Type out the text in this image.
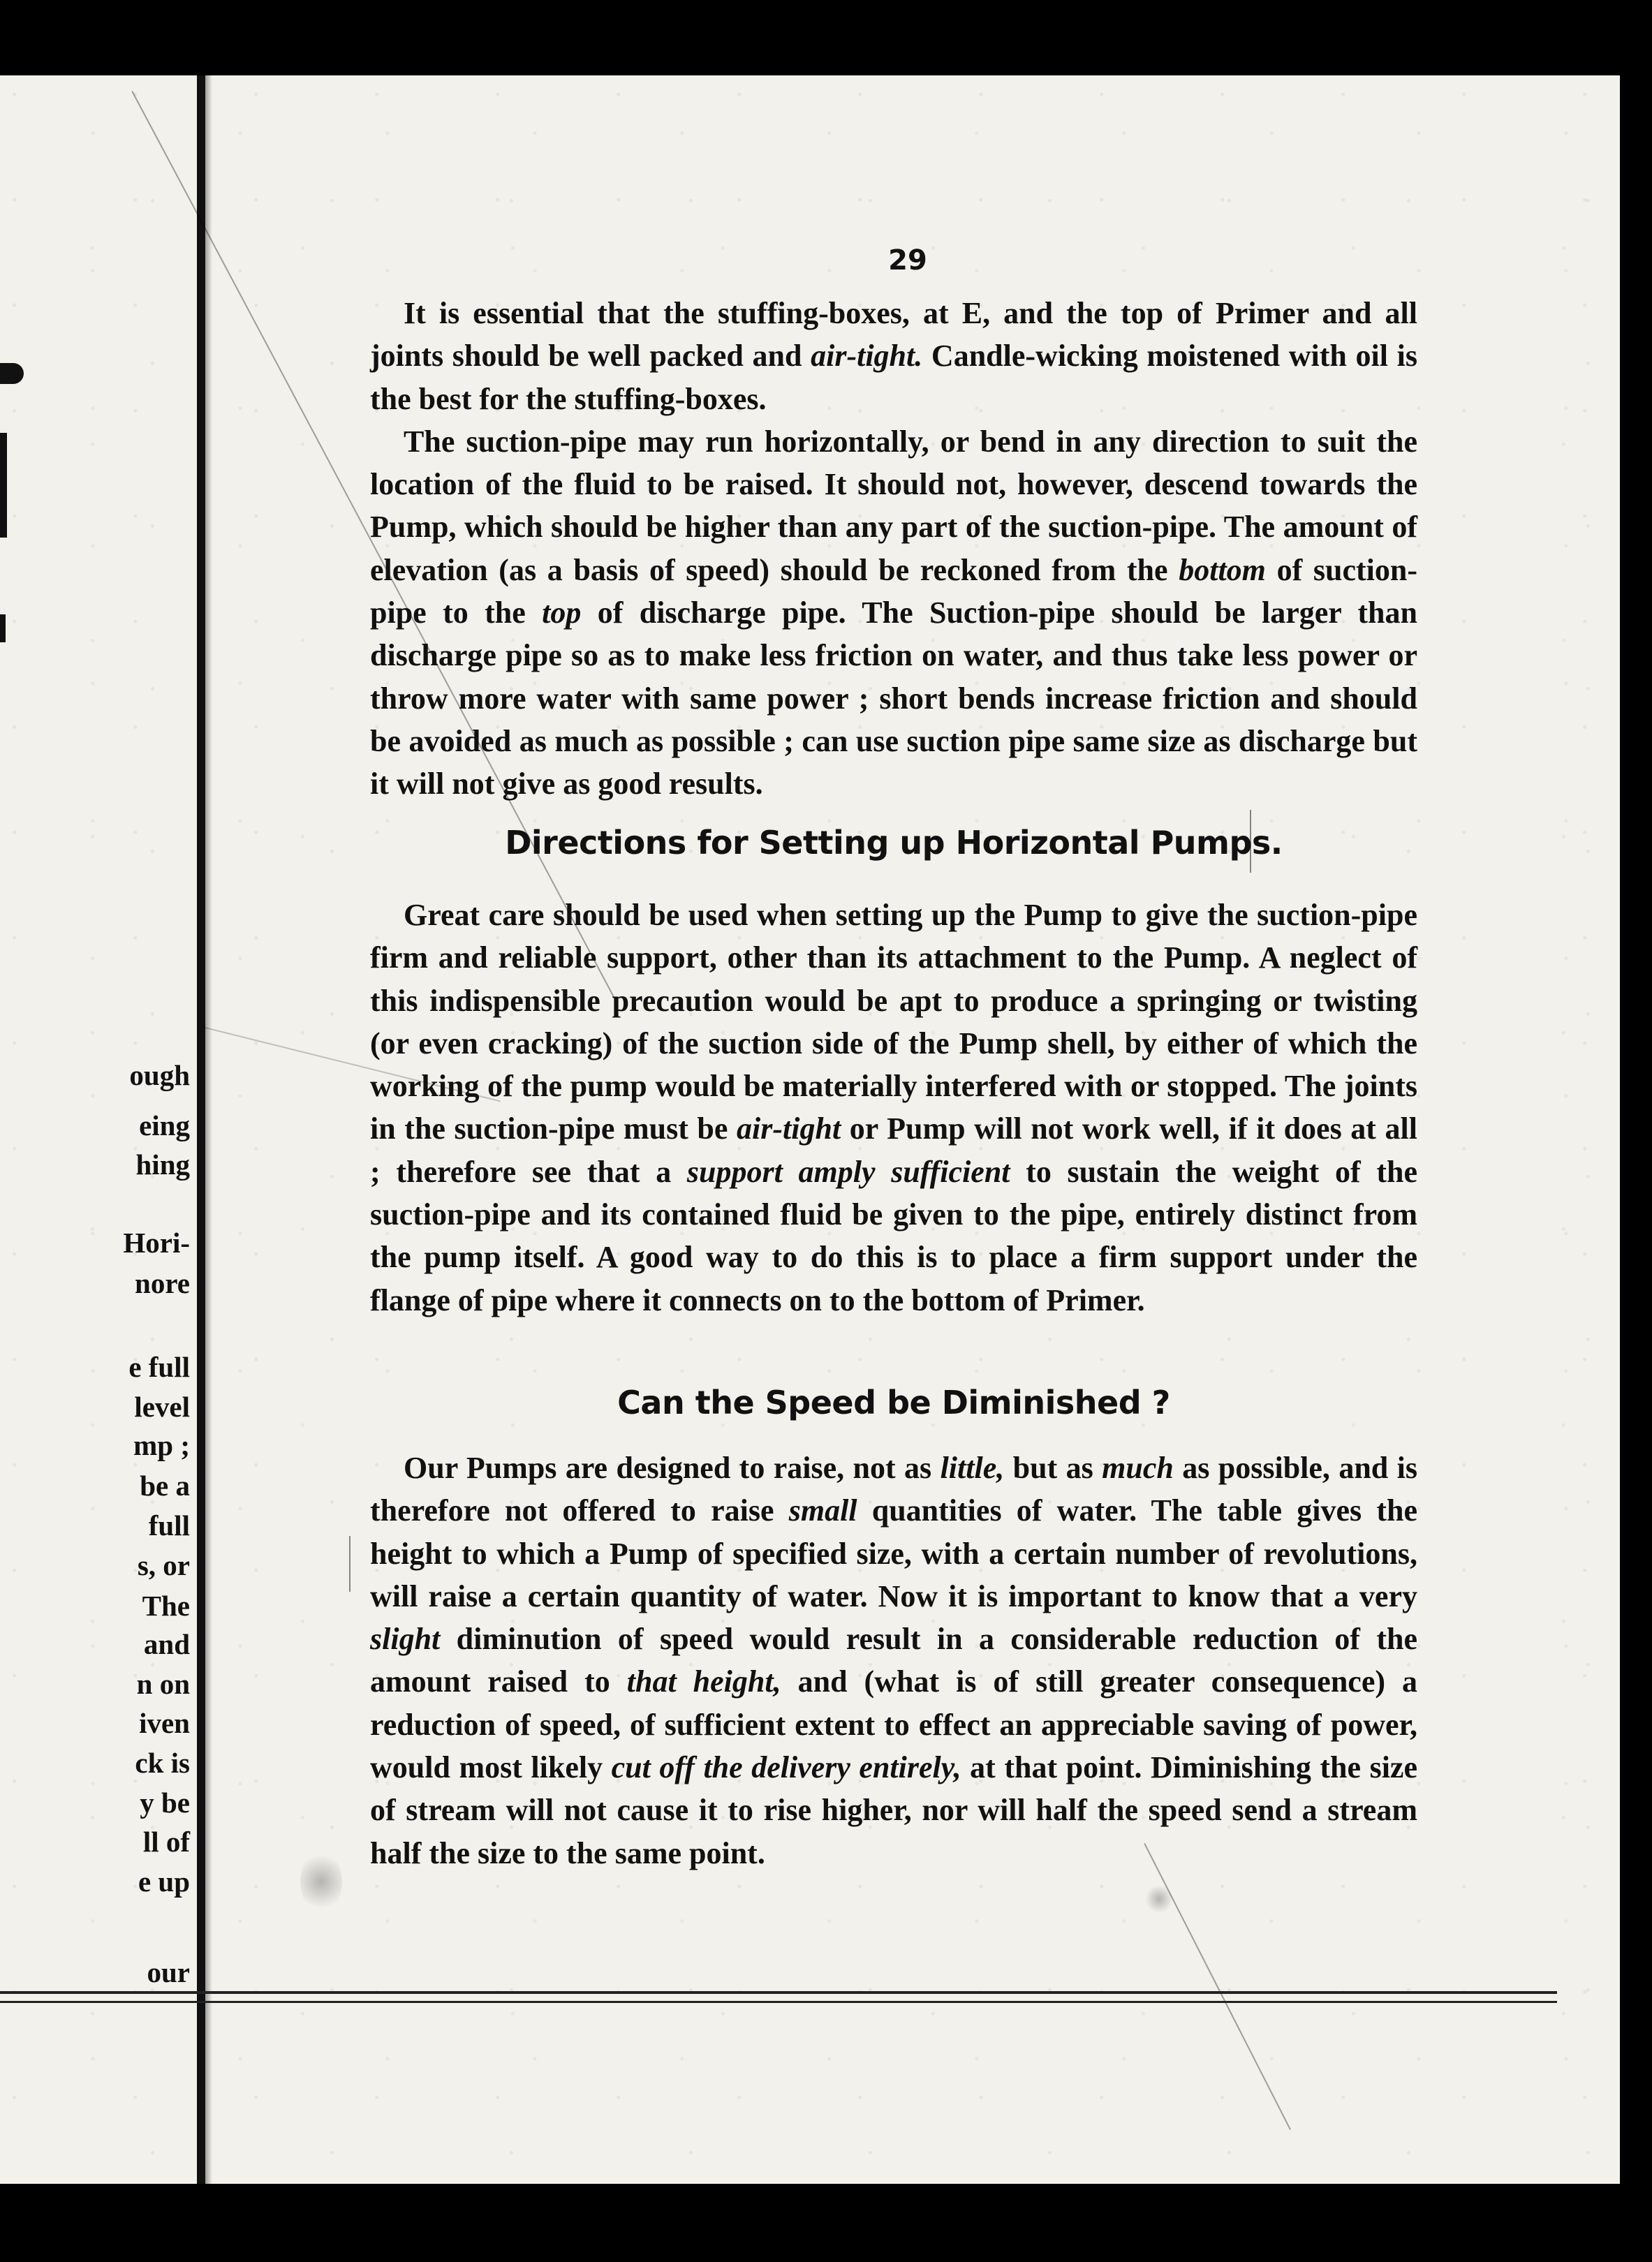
ough
eing
hing
Hori-
nore
e full
level
mp ;
be a
full
s, or
The
and
n on
iven
ck is
y be
ll of
e up
our
29

It is essential that the stuffing-boxes, at E, and the top of Primer and all joints should be well packed and air-tight. Candle-wicking moistened with oil is the best for the stuffing-boxes.

The suction-pipe may run horizontally, or bend in any direction to suit the location of the fluid to be raised. It should not, however, descend towards the Pump, which should be higher than any part of the suction-pipe. The amount of elevation (as a basis of speed) should be reckoned from the bottom of suction-pipe to the top of discharge pipe. The Suction-pipe should be larger than discharge pipe so as to make less friction on water, and thus take less power or throw more water with same power ; short bends increase friction and should be avoided as much as possible ; can use suction pipe same size as discharge but it will not give as good results.

Directions for Setting up Horizontal Pumps.

Great care should be used when setting up the Pump to give the suction-pipe firm and reliable support, other than its attachment to the Pump. A neglect of this indispensible precaution would be apt to produce a springing or twisting (or even cracking) of the suction side of the Pump shell, by either of which the working of the pump would be materially interfered with or stopped. The joints in the suction-pipe must be air-tight or Pump will not work well, if it does at all ; therefore see that a support amply sufficient to sustain the weight of the suction-pipe and its contained fluid be given to the pipe, entirely distinct from the pump itself. A good way to do this is to place a firm support under the flange of pipe where it connects on to the bottom of Primer.

Can the Speed be Diminished ?

Our Pumps are designed to raise, not as little, but as much as possible, and is therefore not offered to raise small quantities of water. The table gives the height to which a Pump of specified size, with a certain number of revolutions, will raise a certain quantity of water. Now it is important to know that a very slight diminution of speed would result in a considerable reduction of the amount raised to that height, and (what is of still greater consequence) a reduction of speed, of sufficient extent to effect an appreciable saving of power, would most likely cut off the delivery entirely, at that point. Diminishing the size of stream will not cause it to rise higher, nor will half the speed send a stream half the size to the same point.
